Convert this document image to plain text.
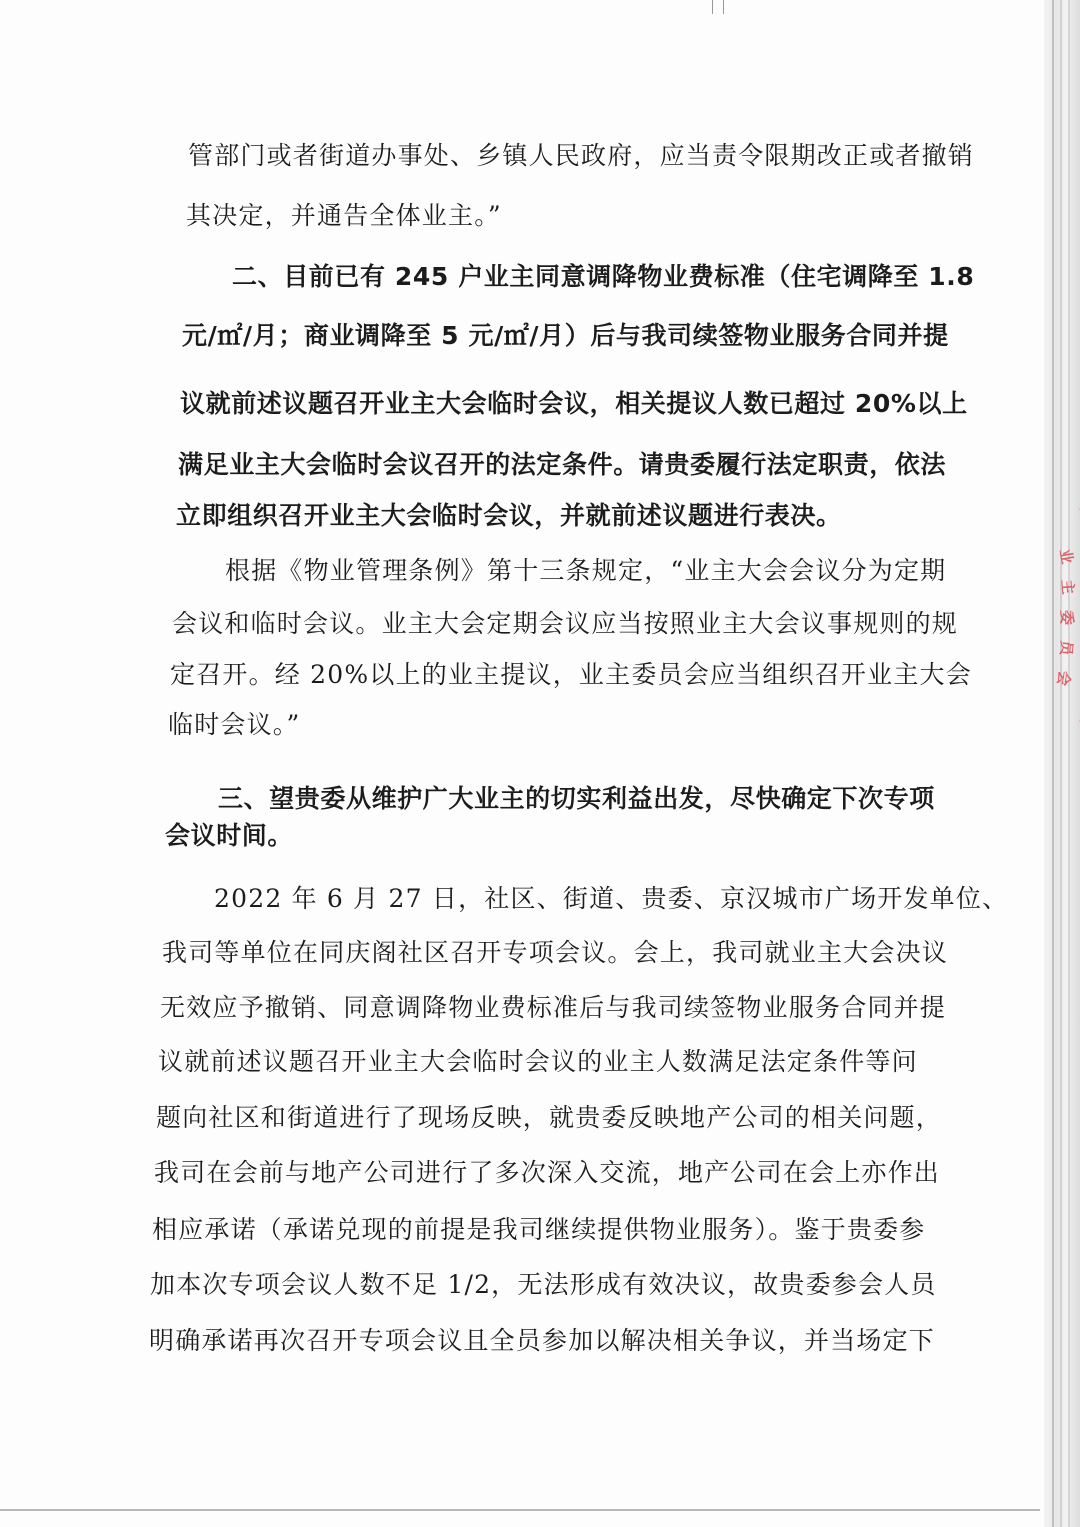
业
主
委
员
会
管部门或者街道办事处、乡镇人民政府，应当责令限期改正或者撤销
其决定，并通告全体业主。”
二、目前已有 245 户业主同意调降物业费标准（住宅调降至 1.8
元/㎡/月；商业调降至 5 元/㎡/月）后与我司续签物业服务合同并提
议就前述议题召开业主大会临时会议，相关提议人数已超过 20%以上
满足业主大会临时会议召开的法定条件。请贵委履行法定职责，依法
立即组织召开业主大会临时会议，并就前述议题进行表决。
根据《物业管理条例》第十三条规定，“业主大会会议分为定期
会议和临时会议。业主大会定期会议应当按照业主大会议事规则的规
定召开。经 20%以上的业主提议，业主委员会应当组织召开业主大会
临时会议。”
三、望贵委从维护广大业主的切实利益出发，尽快确定下次专项
会议时间。
2022 年 6 月 27 日，社区、街道、贵委、京汉城市广场开发单位、
我司等单位在同庆阁社区召开专项会议。会上，我司就业主大会决议
无效应予撤销、同意调降物业费标准后与我司续签物业服务合同并提
议就前述议题召开业主大会临时会议的业主人数满足法定条件等问
题向社区和街道进行了现场反映，就贵委反映地产公司的相关问题，
我司在会前与地产公司进行了多次深入交流，地产公司在会上亦作出
相应承诺（承诺兑现的前提是我司继续提供物业服务）。鉴于贵委参
加本次专项会议人数不足 1/2，无法形成有效决议，故贵委参会人员
明确承诺再次召开专项会议且全员参加以解决相关争议，并当场定下
